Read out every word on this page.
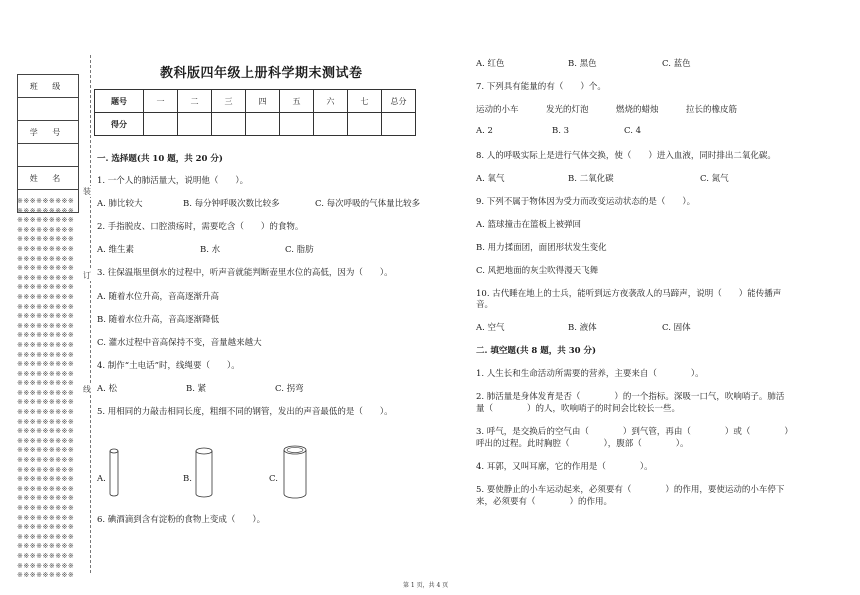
班 级
学 号
姓 名
※※※※※※※※※※※※※※※※※※※※※※※※※※※※※※※※※※※※※※※※※※※※※※※※※※※※※※※※※※※※※※※※※※※※※※※※※※※※※※※※※※※※※※※※※※※※※※※※※※※※※※※※※※※※※※※※※※※※※※※※※※※※※※※※※※※※※※※※※※※※※※※※※※※※※※※※※※※※※※※※※※※※※※※※※※※※※※※※※※※※※※※※※※※※※※※※※※※※※※※※※※※※※※※※※※※※※※※※※※※※※※※※※※※※※※※※※※※※※※※※※※※※※※※※※※※※※※※※※※※※※※※※※※※※※※※※※※※※※※※※※※※※※※※※※※※※※※※※※※※※※※※※※※※※※※※※※※※※※※※※※※※※※※※※※※※※※※※※※※※※※※※※※※※※※※※※※※※※※※※※
装
订
线
教科版四年级上册科学期末测试卷
题号	一	二	三	四	五	六	七	总分
得分								
一. 选择题(共 10 题，共 20 分)
1. 一个人的肺活量大，说明他（　　）。
A. 肺比较大	B. 每分钟呼吸次数比较多	C. 每次呼吸的气体量比较多
2. 手指脱皮、口腔溃疡时，需要吃含（　　）的食物。
A. 维生素	B. 水	C. 脂肪
3. 往保温瓶里倒水的过程中，听声音就能判断壶里水位的高低，因为（　　）。
A. 随着水位升高，音高逐渐升高
B. 随着水位升高，音高逐渐降低
C. 灌水过程中音高保持不变，音量越来越大
4. 制作“土电话”时，线绳要（　　）。
A. 松	B. 紧	C. 拐弯
5. 用相同的力敲击相同长度，粗细不同的钢管，发出的声音最低的是（　　）。
A.	B.	C.
6. 碘酒滴到含有淀粉的食物上变成（　　）。
A. 红色	B. 黑色	C. 蓝色
7. 下列具有能量的有（　　）个。
运动的小车	发光的灯泡	燃烧的蜡烛	拉长的橡皮筋
A. 2	B. 3	C. 4
8. 人的呼吸实际上是进行气体交换，使（　　）进入血液，同时排出二氧化碳。
A. 氧气	B. 二氧化碳	C. 氮气
9. 下列不属于物体因为受力而改变运动状态的是（　　）。
A. 篮球撞击在篮板上被弹回
B. 用力揉面团，面团形状发生变化
C. 风把地面的灰尘吹得漫天飞舞
10. 古代睡在地上的士兵，能听到远方夜袭敌人的马蹄声，说明（　　）能传播声
音。
A. 空气	B. 液体	C. 固体
二. 填空题(共 8 题，共 30 分)
1. 人生长和生命活动所需要的营养，主要来自（　　　　）。
2. 肺活量是身体发育是否（　　　　）的一个指标。深吸一口气，吹响哨子。肺活
量（　　　　）的人，吹响哨子的时间会比较长一些。
3. 呼气，是交换后的空气由（　　　　）到气管，再由（　　　　）或（　　　　）
呼出的过程。此时胸腔（　　　　），腹部（　　　　）。
4. 耳郭，又叫耳廓，它的作用是（　　　　）。
5. 要使静止的小车运动起来，必须要有（　　　　）的作用，要使运动的小车停下
来，必须要有（　　　　）的作用。
第 1 页，共 4 页
